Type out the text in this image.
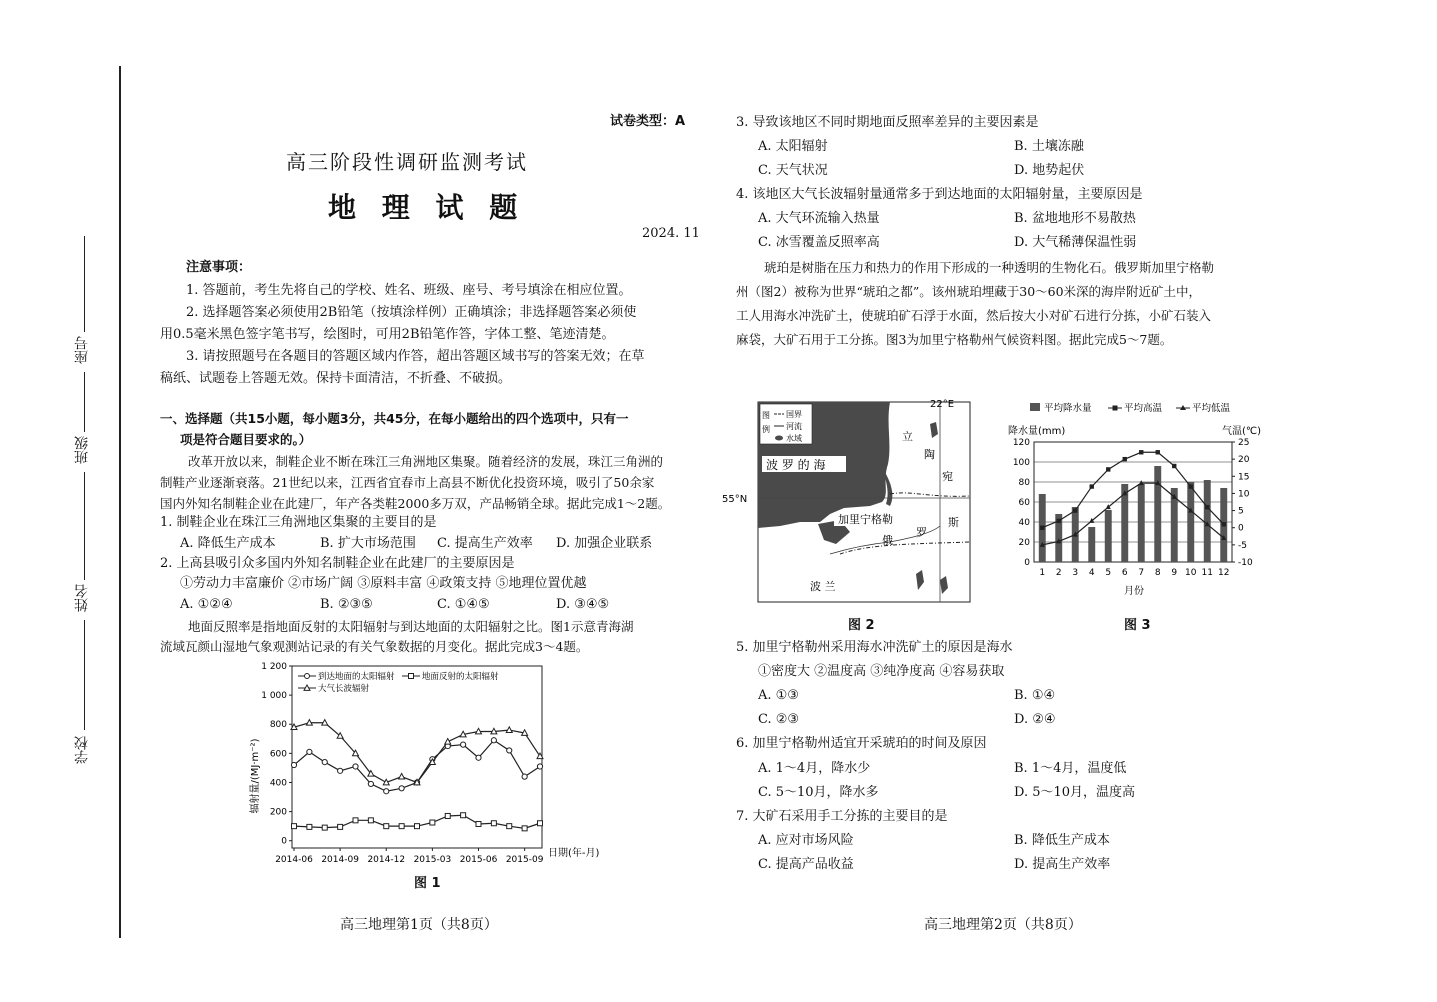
学校
姓名
班级
座号
试卷类型：A
高三阶段性调研监测考试
地 理 试 题
2024. 11
注意事项：
1. 答题前，考生先将自己的学校、姓名、班级、座号、考号填涂在相应位置。
2. 选择题答案必须使用2B铅笔（按填涂样例）正确填涂；非选择题答案必须使
用0.5毫米黑色签字笔书写，绘图时，可用2B铅笔作答，字体工整、笔迹清楚。
3. 请按照题号在各题目的答题区域内作答，超出答题区域书写的答案无效；在草
稿纸、试题卷上答题无效。保持卡面清洁，不折叠、不破损。
一、选择题（共15小题，每小题3分，共45分，在每小题给出的四个选项中，只有一
项是符合题目要求的。）
改革开放以来，制鞋企业不断在珠江三角洲地区集聚。随着经济的发展，珠江三角洲的
制鞋产业逐渐衰落。21世纪以来，江西省宜春市上高县不断优化投资环境，吸引了50余家
国内外知名制鞋企业在此建厂，年产各类鞋2000多万双，产品畅销全球。据此完成1～2题。
1. 制鞋企业在珠江三角洲地区集聚的主要目的是
A. 降低生产成本	B. 扩大市场范围 C. 提高生产效率 D. 加强企业联系
2. 上高县吸引众多国内外知名制鞋企业在此建厂的主要原因是
①劳动力丰富廉价 ②市场广阔 ③原料丰富 ④政策支持 ⑤地理位置优越
A. ①②④	B. ②③⑤	C. ①④⑤	D. ③④⑤
地面反照率是指地面反射的太阳辐射与到达地面的太阳辐射之比。图1示意青海湖
流域瓦颜山湿地气象观测站记录的有关气象数据的月变化。据此完成3～4题。
1 200
1 000
800
600
400
200
0
2014-06 2014-09 2014-12 2015-03 2015-06 2015-09
到达地面的太阳辐射	地面反射的太阳辐射
大气长波辐射
辐射量/(MJ·m⁻²)
日期(年-月)
图 1
高三地理第1页（共8页）
3. 导致该地区不同时期地面反照率差异的主要因素是
A. 太阳辐射	B. 土壤冻融
C. 天气状况	D. 地势起伏
4. 该地区大气长波辐射量通常多于到达地面的太阳辐射量，主要原因是
A. 大气环流输入热量	B. 盆地地形不易散热
C. 冰雪覆盖反照率高	D. 大气稀薄保温性弱
琥珀是树脂在压力和热力的作用下形成的一种透明的生物化石。俄罗斯加里宁格勒
州（图2）被称为世界“琥珀之都”。该州琥珀埋藏于30～60米深的海岸附近矿土中，
工人用海水冲洗矿土，使琥珀矿石浮于水面，然后按大小对矿石进行分拣，小矿石装入
麻袋，大矿石用于工分拣。图3为加里宁格勒州气候资料图。据此完成5～7题。
图
例
国界
河流
水域
22°E
55°N
波 罗 的 海
加里宁格勒
立
陶
宛
罗
斯
俄
波 兰
图 2
平均降水量	平均高温	平均低温
降水量(mm)	气温(℃)
120
100
80
60
40
20
0
25
20
15
10
5
0
-5
-10
1 2 3 4 5 6 7 8 9 10 11 12
月份
图 3
5. 加里宁格勒州采用海水冲洗矿土的原因是海水
①密度大 ②温度高 ③纯净度高 ④容易获取
A. ①③	B. ①④
C. ②③	D. ②④
6. 加里宁格勒州适宜开采琥珀的时间及原因
A. 1～4月，降水少	B. 1～4月，温度低
C. 5～10月，降水多	D. 5～10月，温度高
7. 大矿石采用手工分拣的主要目的是
A. 应对市场风险	B. 降低生产成本
C. 提高产品收益	D. 提高生产效率
高三地理第2页（共8页）
